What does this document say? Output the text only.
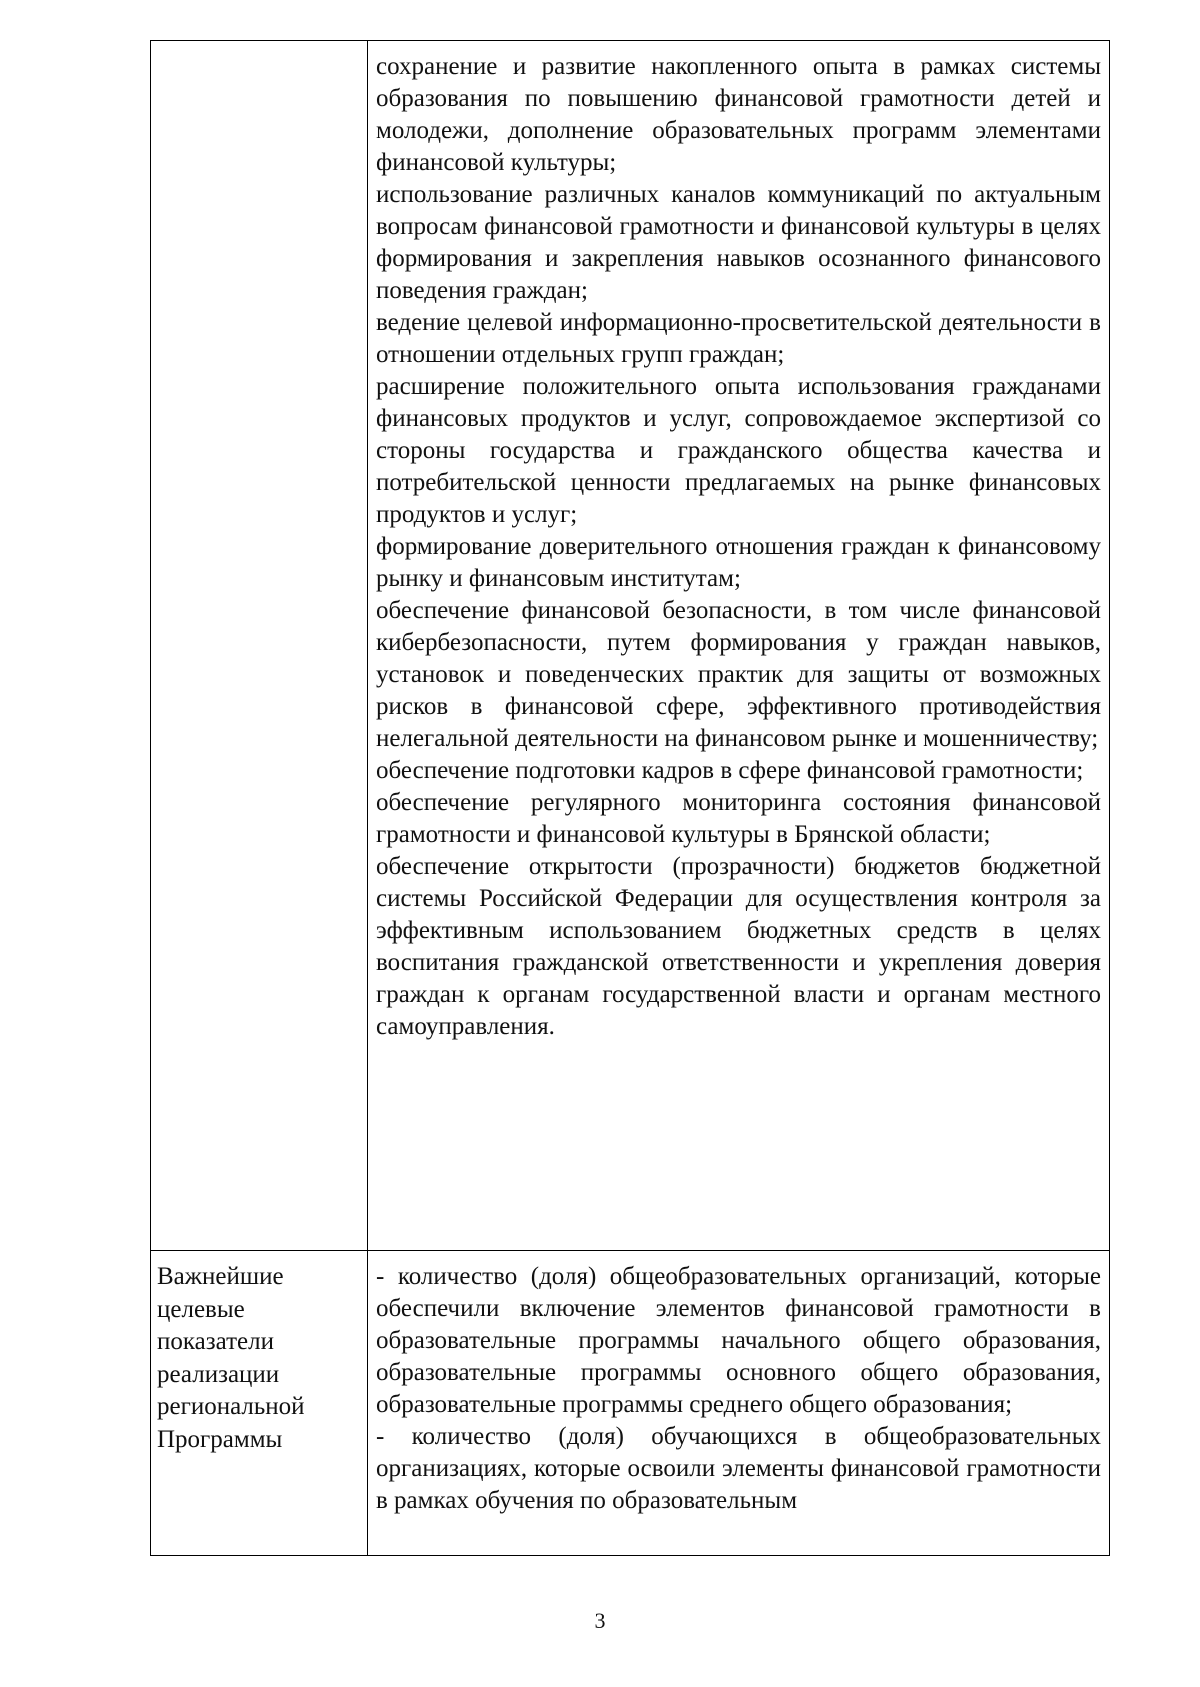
сохранение и развитие накопленного опыта в рамках системы образования по повышению финансовой грамотности детей и молодежи, дополнение образовательных программ элементами финансовой культуры;

использование различных каналов коммуникаций по актуальным вопросам финансовой грамотности и финансовой культуры в целях формирования и закрепления навыков осознанного финансового поведения граждан;

ведение целевой информационно-просветительской деятельности в отношении отдельных групп граждан;

расширение положительного опыта использования гражданами финансовых продуктов и услуг, сопровождаемое экспертизой со стороны государства и гражданского общества качества и потребительской ценности предлагаемых на рынке финансовых продуктов и услуг;

формирование доверительного отношения граждан к финансовому рынку и финансовым институтам;

обеспечение финансовой безопасности, в том числе финансовой кибербезопасности, путем формирования у граждан навыков, установок и поведенческих практик для защиты от возможных рисков в финансовой сфере, эффективного противодействия нелегальной деятельности на финансовом рынке и мошенничеству;

обеспечение подготовки кадров в сфере финансовой грамотности;

обеспечение регулярного мониторинга состояния финансовой грамотности и финансовой культуры в Брянской области;

обеспечение открытости (прозрачности) бюджетов бюджетной системы Российской Федерации для осуществления контроля за эффективным использованием бюджетных средств в целях воспитания гражданской ответственности и укрепления доверия граждан к органам государственной власти и органам местного самоуправления.

Важнейшие
целевые
показатели
реализации
региональной
Программы

- количество (доля) общеобразовательных организаций, которые обеспечили включение элементов финансовой грамотности в образовательные программы начального общего образования, образовательные программы основного общего образования, образовательные программы среднего общего образования;

- количество (доля) обучающихся в общеобразовательных организациях, которые освоили элементы финансовой грамотности в рамках обучения по образовательным

3
